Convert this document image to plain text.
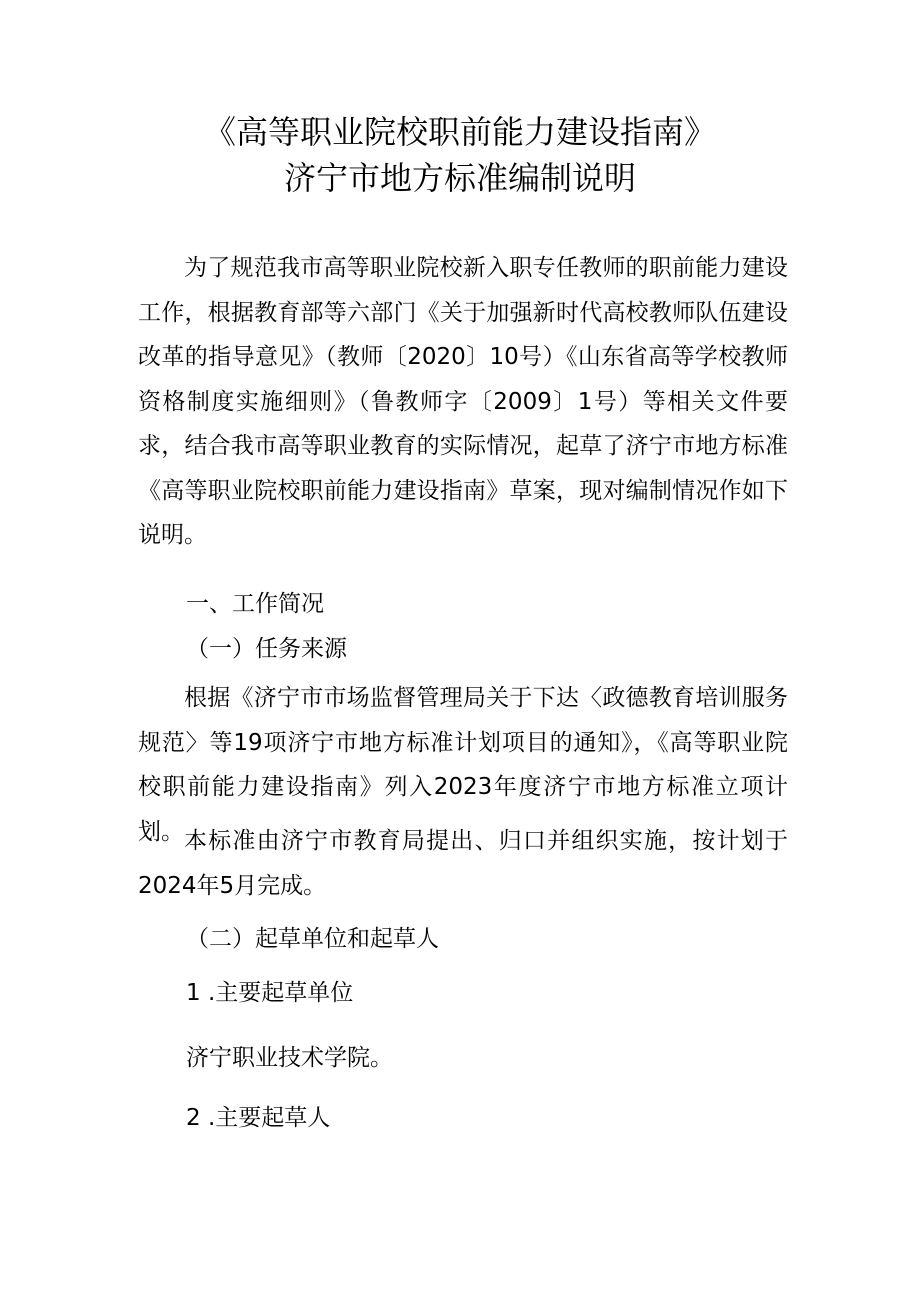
《高等职业院校职前能力建设指南》
济宁市地方标准编制说明

为了规范我市高等职业院校新入职专任教师的职前能力建设工作，根据教育部等六部门《关于加强新时代高校教师队伍建设改革的指导意见》（教师〔2020〕10号）《山东省高等学校教师资格制度实施细则》（鲁教师字〔2009〕1号）等相关文件要求，结合我市高等职业教育的实际情况，起草了济宁市地方标准《高等职业院校职前能力建设指南》草案，现对编制情况作如下说明。

一、工作简况
（一）任务来源

根据《济宁市市场监督管理局关于下达〈政德教育培训服务规范〉等19项济宁市地方标准计划项目的通知》，《高等职业院校职前能力建设指南》列入2023年度济宁市地方标准立项计划。 本标准由济宁市教育局提出、归口并组织实施，按计划于2024年5月完成。

（二）起草单位和起草人
1 .主要起草单位
济宁职业技术学院。
2 .主要起草人
